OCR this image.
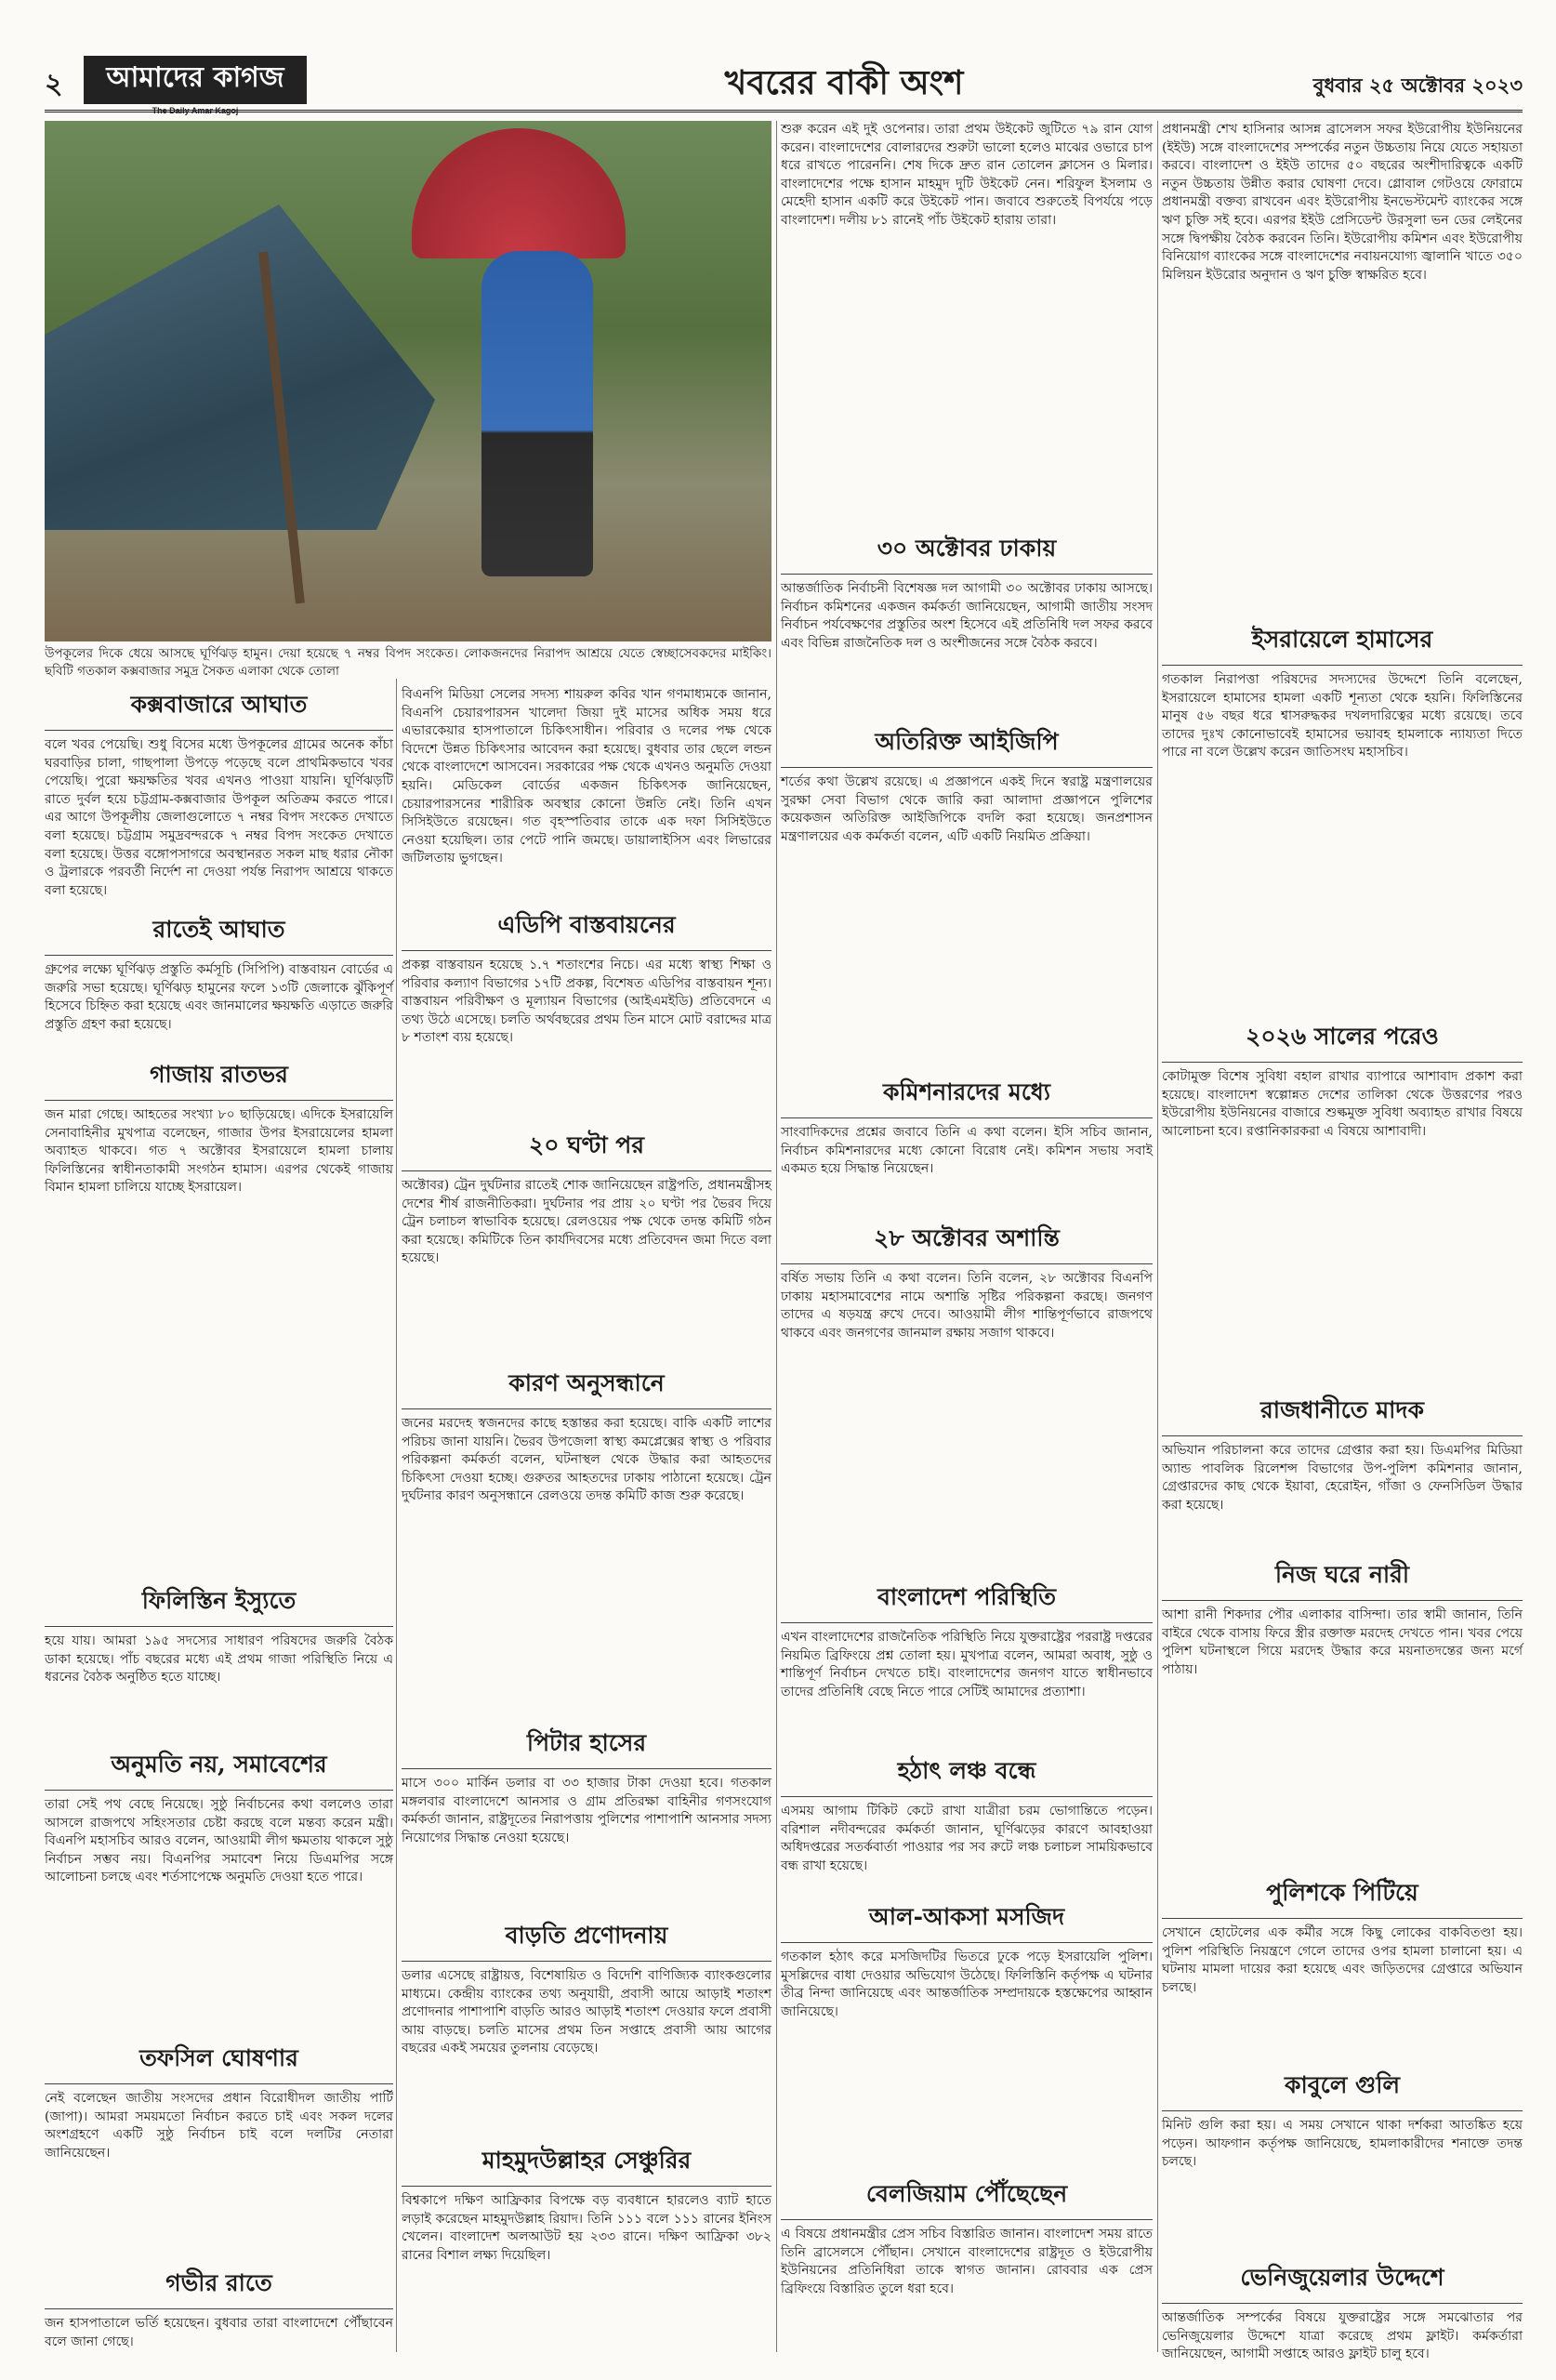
২	আমাদের কাগজ
The Daily Amar Kagoj
খবরের বাকী অংশ	বুধবার ২৫ অক্টোবর ২০২৩
উপকূলের দিকে ধেয়ে আসছে ঘূর্ণিঝড় হামুন। দেয়া হয়েছে ৭ নম্বর বিপদ সংকেত। লোকজনদের নিরাপদ আশ্রয়ে যেতে স্বেচ্ছাসেবকদের মাইকিং। ছবিটি গতকাল কক্সবাজার সমুদ্র সৈকত এলাকা থেকে তোলা
কক্সবাজারে আঘাত

বলে খবর পেয়েছি। শুধু বিসের মধ্যে উপকূলের গ্রামের অনেক কাঁচা ঘরবাড়ির চালা, গাছপালা উপড়ে পড়েছে বলে প্রাথমিকভাবে খবর পেয়েছি। পুরো ক্ষয়ক্ষতির খবর এখনও পাওয়া যায়নি। ঘূর্ণিঝড়টি রাতে দুর্বল হয়ে চট্টগ্রাম-কক্সবাজার উপকূল অতিক্রম করতে পারে। এর আগে উপকূলীয় জেলাগুলোতে ৭ নম্বর বিপদ সংকেত দেখাতে বলা হয়েছে। চট্টগ্রাম সমুদ্রবন্দরকে ৭ নম্বর বিপদ সংকেত দেখাতে বলা হয়েছে। উত্তর বঙ্গোপসাগরে অবস্থানরত সকল মাছ ধরার নৌকা ও ট্রলারকে পরবর্তী নির্দেশ না দেওয়া পর্যন্ত নিরাপদ আশ্রয়ে থাকতে বলা হয়েছে।

রাতেই আঘাত

গ্রুপের লক্ষ্যে ঘূর্ণিঝড় প্রস্তুতি কর্মসূচি (সিপিপি) বাস্তবায়ন বোর্ডের এ জরুরি সভা হয়েছে। ঘূর্ণিঝড় হামুনের ফলে ১৩টি জেলাকে ঝুঁকিপূর্ণ হিসেবে চিহ্নিত করা হয়েছে এবং জানমালের ক্ষয়ক্ষতি এড়াতে জরুরি প্রস্তুতি গ্রহণ করা হয়েছে।

গাজায় রাতভর

জন মারা গেছে। আহতের সংখ্যা ৮০ ছাড়িয়েছে। এদিকে ইসরায়েলি সেনাবাহিনীর মুখপাত্র বলেছেন, গাজার উপর ইসরায়েলের হামলা অব্যাহত থাকবে। গত ৭ অক্টোবর ইসরায়েলে হামলা চালায় ফিলিস্তিনের স্বাধীনতাকামী সংগঠন হামাস। এরপর থেকেই গাজায় বিমান হামলা চালিয়ে যাচ্ছে ইসরায়েল।

ফিলিস্তিন ইস্যুতে

হয়ে যায়। আমরা ১৯৫ সদস্যের সাধারণ পরিষদের জরুরি বৈঠক ডাকা হয়েছে। পাঁচ বছরের মধ্যে এই প্রথম গাজা পরিস্থিতি নিয়ে এ ধরনের বৈঠক অনুষ্ঠিত হতে যাচ্ছে।

অনুমতি নয়, সমাবেশের

তারা সেই পথ বেছে নিয়েছে। সুষ্ঠু নির্বাচনের কথা বললেও তারা আসলে রাজপথে সহিংসতার চেষ্টা করছে বলে মন্তব্য করেন মন্ত্রী। বিএনপি মহাসচিব আরও বলেন, আওয়ামী লীগ ক্ষমতায় থাকলে সুষ্ঠু নির্বাচন সম্ভব নয়। বিএনপির সমাবেশ নিয়ে ডিএমপির সঙ্গে আলোচনা চলছে এবং শর্তসাপেক্ষে অনুমতি দেওয়া হতে পারে।

তফসিল ঘোষণার

নেই বলেছেন জাতীয় সংসদের প্রধান বিরোধীদল জাতীয় পার্টি (জাপা)। আমরা সময়মতো নির্বাচন করতে চাই এবং সকল দলের অংশগ্রহণে একটি সুষ্ঠু নির্বাচন চাই বলে দলটির নেতারা জানিয়েছেন।

গভীর রাতে

জন হাসপাতালে ভর্তি হয়েছেন। বুধবার তারা বাংলাদেশে পৌঁছাবেন বলে জানা গেছে।

বিএনপি মিডিয়া সেলের সদস্য শায়রুল কবির খান গণমাধ্যমকে জানান, বিএনপি চেয়ারপারসন খালেদা জিয়া দুই মাসের অধিক সময় ধরে এভারকেয়ার হাসপাতালে চিকিৎসাধীন। পরিবার ও দলের পক্ষ থেকে বিদেশে উন্নত চিকিৎসার আবেদন করা হয়েছে। বুধবার তার ছেলে লন্ডন থেকে বাংলাদেশে আসবেন। সরকারের পক্ষ থেকে এখনও অনুমতি দেওয়া হয়নি। মেডিকেল বোর্ডের একজন চিকিৎসক জানিয়েছেন, চেয়ারপারসনের শারীরিক অবস্থার কোনো উন্নতি নেই। তিনি এখন সিসিইউতে রয়েছেন। গত বৃহস্পতিবার তাকে এক দফা সিসিইউতে নেওয়া হয়েছিল। তার পেটে পানি জমছে। ডায়ালাইসিস এবং লিভারের জটিলতায় ভুগছেন।

এডিপি বাস্তবায়নের

প্রকল্প বাস্তবায়ন হয়েছে ১.৭ শতাংশের নিচে। এর মধ্যে স্বাস্থ্য শিক্ষা ও পরিবার কল্যাণ বিভাগের ১৭টি প্রকল্প, বিশেষত এডিপির বাস্তবায়ন শূন্য। বাস্তবায়ন পরিবীক্ষণ ও মূল্যায়ন বিভাগের (আইএমইডি) প্রতিবেদনে এ তথ্য উঠে এসেছে। চলতি অর্থবছরের প্রথম তিন মাসে মোট বরাদ্দের মাত্র ৮ শতাংশ ব্যয় হয়েছে।

২০ ঘণ্টা পর

অক্টোবর) ট্রেন দুর্ঘটনার রাতেই শোক জানিয়েছেন রাষ্ট্রপতি, প্রধানমন্ত্রীসহ দেশের শীর্ষ রাজনীতিকরা। দুর্ঘটনার পর প্রায় ২০ ঘণ্টা পর ভৈরব দিয়ে ট্রেন চলাচল স্বাভাবিক হয়েছে। রেলওয়ের পক্ষ থেকে তদন্ত কমিটি গঠন করা হয়েছে। কমিটিকে তিন কার্যদিবসের মধ্যে প্রতিবেদন জমা দিতে বলা হয়েছে।

কারণ অনুসন্ধানে

জনের মরদেহ স্বজনদের কাছে হস্তান্তর করা হয়েছে। বাকি একটি লাশের পরিচয় জানা যায়নি। ভৈরব উপজেলা স্বাস্থ্য কমপ্লেক্সের স্বাস্থ্য ও পরিবার পরিকল্পনা কর্মকর্তা বলেন, ঘটনাস্থল থেকে উদ্ধার করা আহতদের চিকিৎসা দেওয়া হচ্ছে। গুরুতর আহতদের ঢাকায় পাঠানো হয়েছে। ট্রেন দুর্ঘটনার কারণ অনুসন্ধানে রেলওয়ে তদন্ত কমিটি কাজ শুরু করেছে।

পিটার হাসের

মাসে ৩০০ মার্কিন ডলার বা ৩৩ হাজার টাকা দেওয়া হবে। গতকাল মঙ্গলবার বাংলাদেশে আনসার ও গ্রাম প্রতিরক্ষা বাহিনীর গণসংযোগ কর্মকর্তা জানান, রাষ্ট্রদূতের নিরাপত্তায় পুলিশের পাশাপাশি আনসার সদস্য নিয়োগের সিদ্ধান্ত নেওয়া হয়েছে।

বাড়তি প্রণোদনায়

ডলার এসেছে রাষ্ট্রায়ত্ত, বিশেষায়িত ও বিদেশি বাণিজ্যিক ব্যাংকগুলোর মাধ্যমে। কেন্দ্রীয় ব্যাংকের তথ্য অনুযায়ী, প্রবাসী আয়ে আড়াই শতাংশ প্রণোদনার পাশাপাশি বাড়তি আরও আড়াই শতাংশ দেওয়ার ফলে প্রবাসী আয় বাড়ছে। চলতি মাসের প্রথম তিন সপ্তাহে প্রবাসী আয় আগের বছরের একই সময়ের তুলনায় বেড়েছে।

মাহমুদউল্লাহর সেঞ্চুরির

বিশ্বকাপে দক্ষিণ আফ্রিকার বিপক্ষে বড় ব্যবধানে হারলেও ব্যাট হাতে লড়াই করেছেন মাহমুদউল্লাহ রিয়াদ। তিনি ১১১ বলে ১১১ রানের ইনিংস খেলেন। বাংলাদেশ অলআউট হয় ২৩৩ রানে। দক্ষিণ আফ্রিকা ৩৮২ রানের বিশাল লক্ষ্য দিয়েছিল।

শুরু করেন এই দুই ওপেনার। তারা প্রথম উইকেট জুটিতে ৭৯ রান যোগ করেন। বাংলাদেশের বোলারদের শুরুটা ভালো হলেও মাঝের ওভারে চাপ ধরে রাখতে পারেননি। শেষ দিকে দ্রুত রান তোলেন ক্লাসেন ও মিলার। বাংলাদেশের পক্ষে হাসান মাহমুদ দুটি উইকেট নেন। শরিফুল ইসলাম ও মেহেদী হাসান একটি করে উইকেট পান। জবাবে শুরুতেই বিপর্যয়ে পড়ে বাংলাদেশ। দলীয় ৮১ রানেই পাঁচ উইকেট হারায় তারা।

৩০ অক্টোবর ঢাকায়

আন্তর্জাতিক নির্বাচনী বিশেষজ্ঞ দল আগামী ৩০ অক্টোবর ঢাকায় আসছে। নির্বাচন কমিশনের একজন কর্মকর্তা জানিয়েছেন, আগামী জাতীয় সংসদ নির্বাচন পর্যবেক্ষণের প্রস্তুতির অংশ হিসেবে এই প্রতিনিধি দল সফর করবে এবং বিভিন্ন রাজনৈতিক দল ও অংশীজনের সঙ্গে বৈঠক করবে।

অতিরিক্ত আইজিপি

শর্তের কথা উল্লেখ রয়েছে। এ প্রজ্ঞাপনে একই দিনে স্বরাষ্ট্র মন্ত্রণালয়ের সুরক্ষা সেবা বিভাগ থেকে জারি করা আলাদা প্রজ্ঞাপনে পুলিশের কয়েকজন অতিরিক্ত আইজিপিকে বদলি করা হয়েছে। জনপ্রশাসন মন্ত্রণালয়ের এক কর্মকর্তা বলেন, এটি একটি নিয়মিত প্রক্রিয়া।

কমিশনারদের মধ্যে

সাংবাদিকদের প্রশ্নের জবাবে তিনি এ কথা বলেন। ইসি সচিব জানান, নির্বাচন কমিশনারদের মধ্যে কোনো বিরোধ নেই। কমিশন সভায় সবাই একমত হয়ে সিদ্ধান্ত নিয়েছেন।

২৮ অক্টোবর অশান্তি

বর্ষিত সভায় তিনি এ কথা বলেন। তিনি বলেন, ২৮ অক্টোবর বিএনপি ঢাকায় মহাসমাবেশের নামে অশান্তি সৃষ্টির পরিকল্পনা করছে। জনগণ তাদের এ ষড়যন্ত্র রুখে দেবে। আওয়ামী লীগ শান্তিপূর্ণভাবে রাজপথে থাকবে এবং জনগণের জানমাল রক্ষায় সজাগ থাকবে।

বাংলাদেশ পরিস্থিতি

এখন বাংলাদেশের রাজনৈতিক পরিস্থিতি নিয়ে যুক্তরাষ্ট্রের পররাষ্ট্র দপ্তরের নিয়মিত ব্রিফিংয়ে প্রশ্ন তোলা হয়। মুখপাত্র বলেন, আমরা অবাধ, সুষ্ঠু ও শান্তিপূর্ণ নির্বাচন দেখতে চাই। বাংলাদেশের জনগণ যাতে স্বাধীনভাবে তাদের প্রতিনিধি বেছে নিতে পারে সেটিই আমাদের প্রত্যাশা।

হঠাৎ লঞ্চ বন্ধে

এসময় আগাম টিকিট কেটে রাখা যাত্রীরা চরম ভোগান্তিতে পড়েন। বরিশাল নদীবন্দরের কর্মকর্তা জানান, ঘূর্ণিঝড়ের কারণে আবহাওয়া অধিদপ্তরের সতর্কবার্তা পাওয়ার পর সব রুটে লঞ্চ চলাচল সাময়িকভাবে বন্ধ রাখা হয়েছে।

আল-আকসা মসজিদ

গতকাল হঠাৎ করে মসজিদটির ভিতরে ঢুকে পড়ে ইসরায়েলি পুলিশ। মুসল্লিদের বাধা দেওয়ার অভিযোগ উঠেছে। ফিলিস্তিনি কর্তৃপক্ষ এ ঘটনার তীব্র নিন্দা জানিয়েছে এবং আন্তর্জাতিক সম্প্রদায়কে হস্তক্ষেপের আহ্বান জানিয়েছে।

বেলজিয়াম পৌঁছেছেন

এ বিষয়ে প্রধানমন্ত্রীর প্রেস সচিব বিস্তারিত জানান। বাংলাদেশ সময় রাতে তিনি ব্রাসেলসে পৌঁছান। সেখানে বাংলাদেশের রাষ্ট্রদূত ও ইউরোপীয় ইউনিয়নের প্রতিনিধিরা তাকে স্বাগত জানান। রোববার এক প্রেস ব্রিফিংয়ে বিস্তারিত তুলে ধরা হবে।

প্রধানমন্ত্রী শেখ হাসিনার আসন্ন ব্রাসেলস সফর ইউরোপীয় ইউনিয়নের (ইইউ) সঙ্গে বাংলাদেশের সম্পর্কের নতুন উচ্চতায় নিয়ে যেতে সহায়তা করবে। বাংলাদেশ ও ইইউ তাদের ৫০ বছরের অংশীদারিত্বকে একটি নতুন উচ্চতায় উন্নীত করার ঘোষণা দেবে। গ্লোবাল গেটওয়ে ফোরামে প্রধানমন্ত্রী বক্তব্য রাখবেন এবং ইউরোপীয় ইনভেস্টমেন্ট ব্যাংকের সঙ্গে ঋণ চুক্তি সই হবে। এরপর ইইউ প্রেসিডেন্ট উরসুলা ভন ডের লেইনের সঙ্গে দ্বিপক্ষীয় বৈঠক করবেন তিনি। ইউরোপীয় কমিশন এবং ইউরোপীয় বিনিয়োগ ব্যাংকের সঙ্গে বাংলাদেশের নবায়নযোগ্য জ্বালানি খাতে ৩৫০ মিলিয়ন ইউরোর অনুদান ও ঋণ চুক্তি স্বাক্ষরিত হবে।

ইসরায়েলে হামাসের

গতকাল নিরাপত্তা পরিষদের সদস্যদের উদ্দেশে তিনি বলেছেন, ইসরায়েলে হামাসের হামলা একটি শূন্যতা থেকে হয়নি। ফিলিস্তিনের মানুষ ৫৬ বছর ধরে শ্বাসরুদ্ধকর দখলদারিত্বের মধ্যে রয়েছে। তবে তাদের দুঃখ কোনোভাবেই হামাসের ভয়াবহ হামলাকে ন্যায্যতা দিতে পারে না বলে উল্লেখ করেন জাতিসংঘ মহাসচিব।

২০২৬ সালের পরেও

কোটামুক্ত বিশেষ সুবিধা বহাল রাখার ব্যাপারে আশাবাদ প্রকাশ করা হয়েছে। বাংলাদেশ স্বল্পোন্নত দেশের তালিকা থেকে উত্তরণের পরও ইউরোপীয় ইউনিয়নের বাজারে শুল্কমুক্ত সুবিধা অব্যাহত রাখার বিষয়ে আলোচনা হবে। রপ্তানিকারকরা এ বিষয়ে আশাবাদী।

রাজধানীতে মাদক

অভিযান পরিচালনা করে তাদের গ্রেপ্তার করা হয়। ডিএমপির মিডিয়া অ্যান্ড পাবলিক রিলেশন্স বিভাগের উপ-পুলিশ কমিশনার জানান, গ্রেপ্তারদের কাছ থেকে ইয়াবা, হেরোইন, গাঁজা ও ফেনসিডিল উদ্ধার করা হয়েছে।

নিজ ঘরে নারী

আশা রানী শিকদার পৌর এলাকার বাসিন্দা। তার স্বামী জানান, তিনি বাইরে থেকে বাসায় ফিরে স্ত্রীর রক্তাক্ত মরদেহ দেখতে পান। খবর পেয়ে পুলিশ ঘটনাস্থলে গিয়ে মরদেহ উদ্ধার করে ময়নাতদন্তের জন্য মর্গে পাঠায়।

পুলিশকে পিটিয়ে

সেখানে হোটেলের এক কর্মীর সঙ্গে কিছু লোকের বাকবিতণ্ডা হয়। পুলিশ পরিস্থিতি নিয়ন্ত্রণে গেলে তাদের ওপর হামলা চালানো হয়। এ ঘটনায় মামলা দায়ের করা হয়েছে এবং জড়িতদের গ্রেপ্তারে অভিযান চলছে।

কাবুলে গুলি

মিনিট গুলি করা হয়। এ সময় সেখানে থাকা দর্শকরা আতঙ্কিত হয়ে পড়েন। আফগান কর্তৃপক্ষ জানিয়েছে, হামলাকারীদের শনাক্তে তদন্ত চলছে।

ভেনিজুয়েলার উদ্দেশে

আন্তর্জাতিক সম্পর্কের বিষয়ে যুক্তরাষ্ট্রের সঙ্গে সমঝোতার পর ভেনিজুয়েলার উদ্দেশে যাত্রা করেছে প্রথম ফ্লাইট। কর্মকর্তারা জানিয়েছেন, আগামী সপ্তাহে আরও ফ্লাইট চালু হবে।
